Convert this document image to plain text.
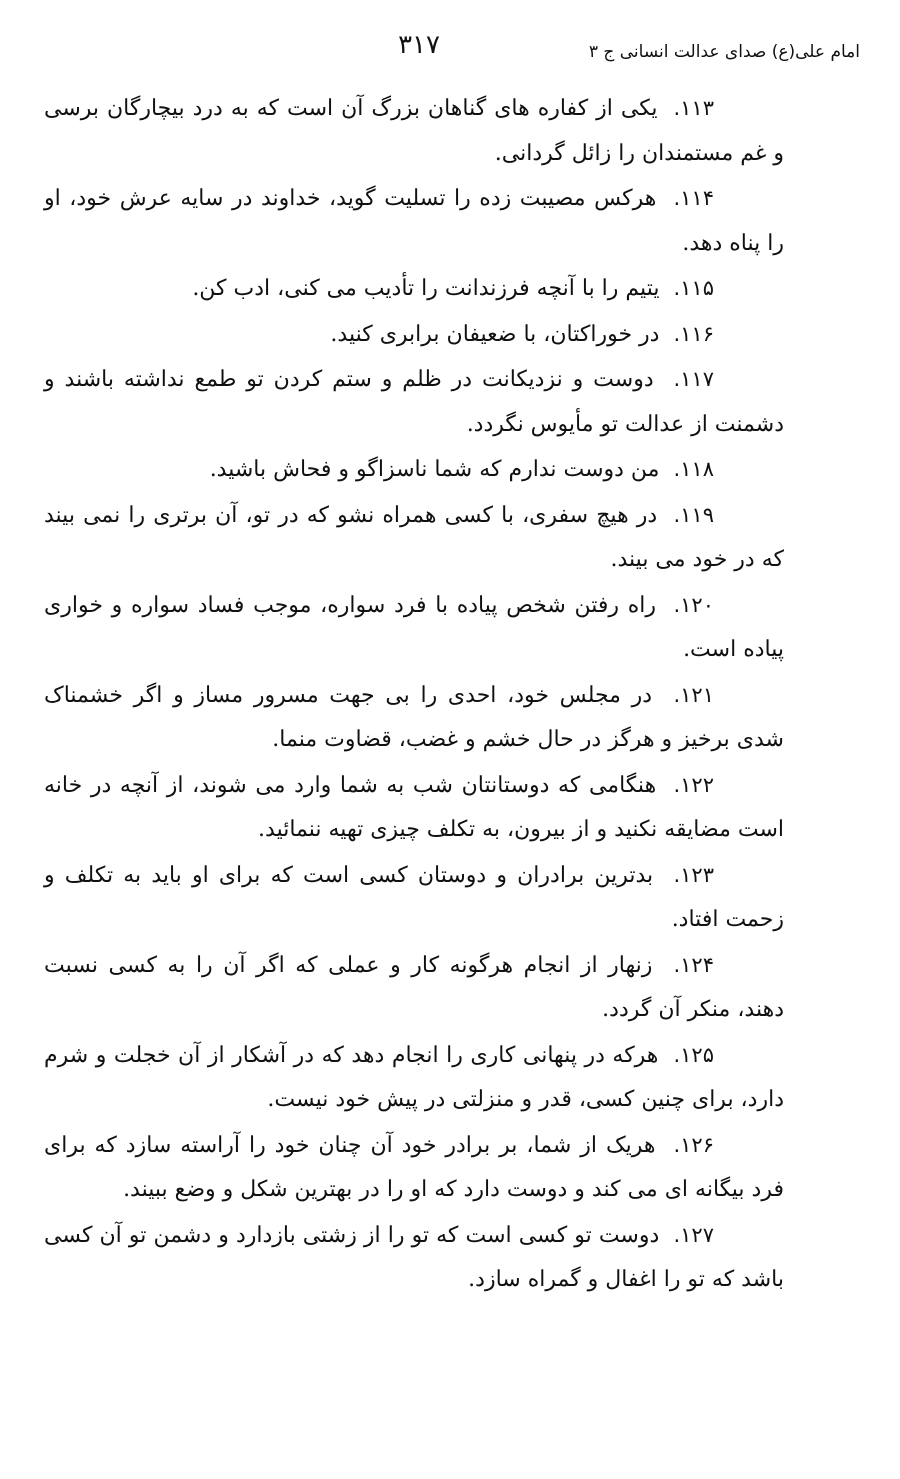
امام علی(ع) صدای عدالت انسانی ج ۳
۳۱۷

۱۱۳.  یکی از کفاره های گناهان بزرگ آن است که به درد بیچارگان برسی و غم مستمندان را زائل گردانی.

۱۱۴.  هرکس مصیبت زده را تسلیت گوید، خداوند در سایه عرش خود، او را پناه دهد.

۱۱۵.  یتیم را با آنچه فرزندانت را تأدیب می کنی، ادب کن.

۱۱۶.  در خوراکتان، با ضعیفان برابری کنید.

۱۱۷.  دوست و نزدیکانت در ظلم و ستم کردن تو طمع نداشته باشند و دشمنت از عدالت تو مأیوس نگردد.

۱۱۸.  من دوست ندارم که شما ناسزاگو و فحاش باشید.

۱۱۹.  در هیچ سفری، با کسی همراه نشو که در تو، آن برتری را نمی بیند که در خود می بیند.

۱۲۰.  راه رفتن شخص پیاده با فرد سواره، موجب فساد سواره و خواری پیاده است.

۱۲۱.  در مجلس خود، احدی را بی جهت مسرور مساز و اگر خشمناک شدی برخیز و هرگز در حال خشم و غضب، قضاوت منما.

۱۲۲.  هنگامی که دوستانتان شب به شما وارد می شوند، از آنچه در خانه است مضایقه نکنید و از بیرون، به تکلف چیزی تهیه ننمائید.

۱۲۳.  بدترین برادران و دوستان کسی است که برای او باید به تکلف و زحمت افتاد.

۱۲۴.  زنهار از انجام هرگونه کار و عملی که اگر آن را به کسی نسبت دهند، منکر آن گردد.

۱۲۵.  هرکه در پنهانی کاری را انجام دهد که در آشکار از آن خجلت و شرم دارد، برای چنین کسی، قدر و منزلتی در پیش خود نیست.

۱۲۶.  هریک از شما، بر برادر خود آن چنان خود را آراسته سازد که برای فرد بیگانه ای می کند و دوست دارد که او را در بهترین شکل و وضع ببیند.

۱۲۷.  دوست تو کسی است که تو را از زشتی بازدارد و دشمن تو آن کسی باشد که تو را اغفال و گمراه سازد.
